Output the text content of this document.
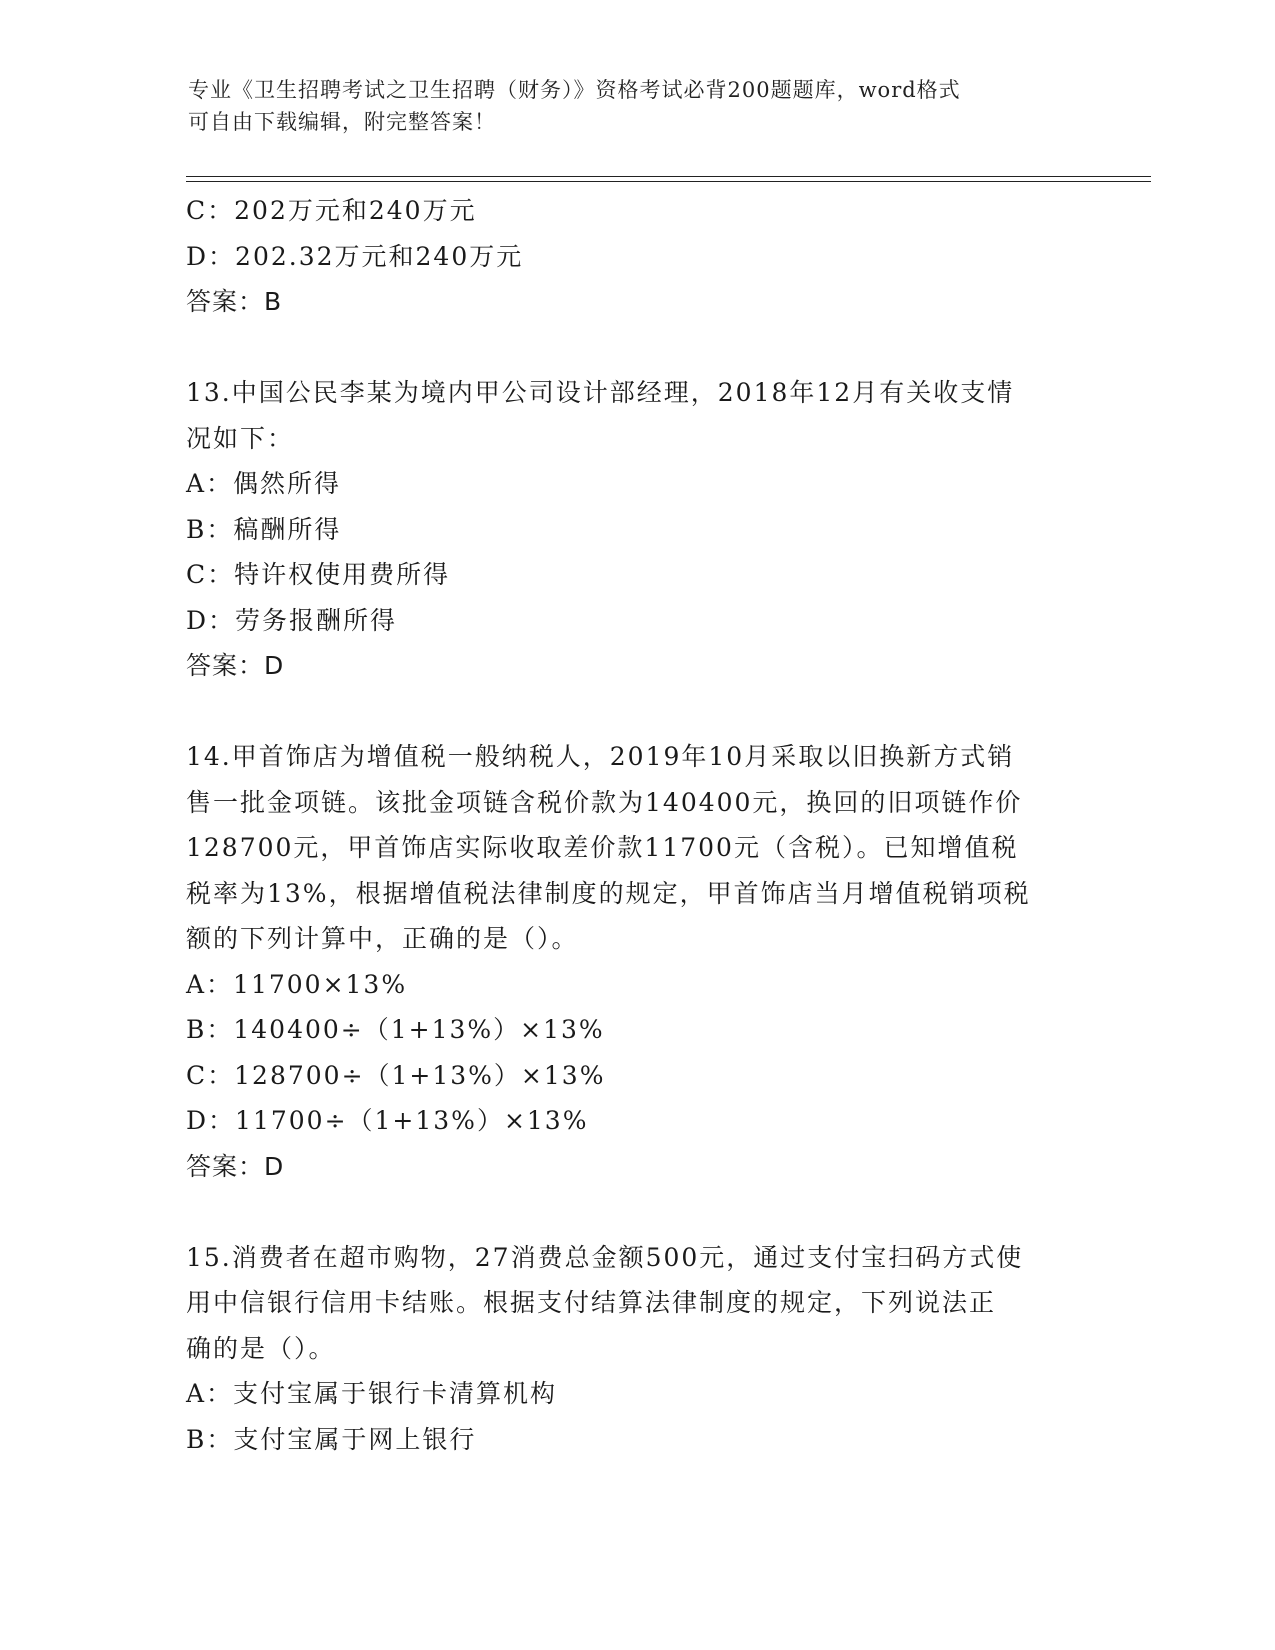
专业《卫生招聘考试之卫生招聘（财务）》资格考试必背200题题库，word格式
可自由下载编辑，附完整答案！
C：202万元和240万元
D：202.32万元和240万元
答案：B
13.中国公民李某为境内甲公司设计部经理，2018年12月有关收支情
况如下：
A：偶然所得
B：稿酬所得
C：特许权使用费所得
D：劳务报酬所得
答案：D
14.甲首饰店为增值税一般纳税人，2019年10月采取以旧换新方式销
售一批金项链。该批金项链含税价款为140400元，换回的旧项链作价
128700元，甲首饰店实际收取差价款11700元（含税）。已知增值税
税率为13%，根据增值税法律制度的规定，甲首饰店当月增值税销项税
额的下列计算中，正确的是（）。
A：11700×13%
B：140400÷（1+13%）×13%
C：128700÷（1+13%）×13%
D：11700÷（1+13%）×13%
答案：D
15.消费者在超市购物，27消费总金额500元，通过支付宝扫码方式使
用中信银行信用卡结账。根据支付结算法律制度的规定，下列说法正
确的是（）。
A：支付宝属于银行卡清算机构
B：支付宝属于网上银行
